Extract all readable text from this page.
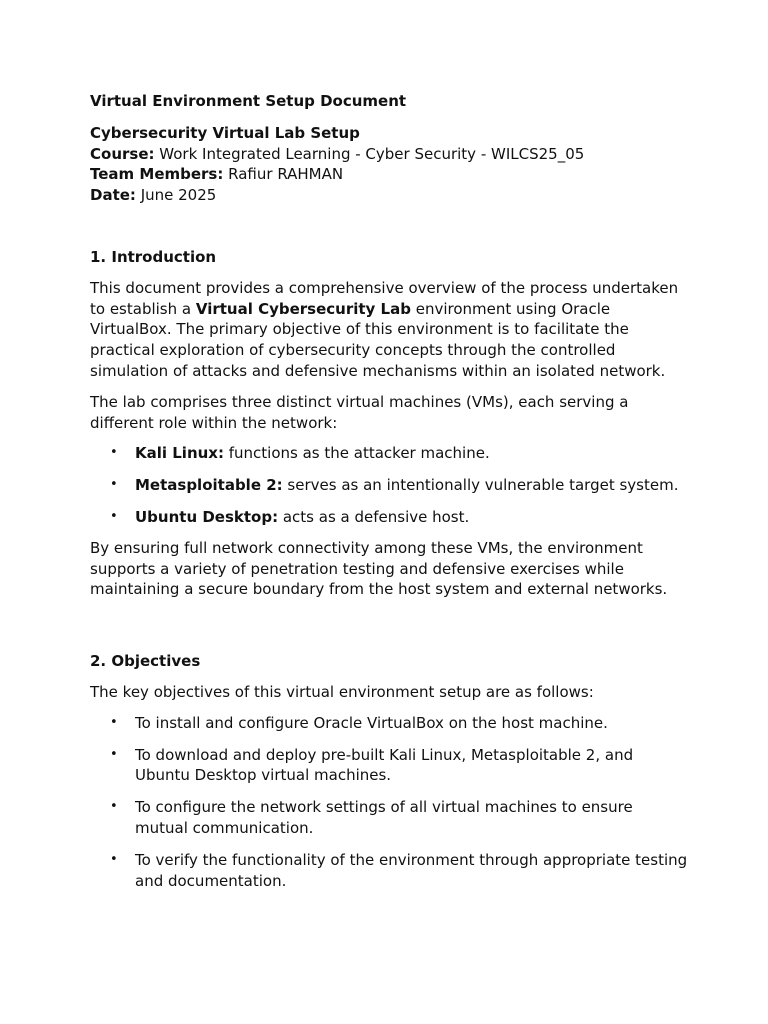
Virtual Environment Setup Document
Cybersecurity Virtual Lab Setup
Course: Work Integrated Learning - Cyber Security - WILCS25_05
Team Members: Rafiur RAHMAN
Date: June 2025
1. Introduction

This document provides a comprehensive overview of the process undertaken to establish a Virtual Cybersecurity Lab environment using Oracle VirtualBox. The primary objective of this environment is to facilitate the practical exploration of cybersecurity concepts through the controlled simulation of attacks and defensive mechanisms within an isolated network.

The lab comprises three distinct virtual machines (VMs), each serving a different role within the network:

• Kali Linux: functions as the attacker machine.
• Metasploitable 2: serves as an intentionally vulnerable target system.
• Ubuntu Desktop: acts as a defensive host.

By ensuring full network connectivity among these VMs, the environment supports a variety of penetration testing and defensive exercises while maintaining a secure boundary from the host system and external networks.

2. Objectives

The key objectives of this virtual environment setup are as follows:

• To install and configure Oracle VirtualBox on the host machine.
• To download and deploy pre-built Kali Linux, Metasploitable 2, and Ubuntu Desktop virtual machines.
• To configure the network settings of all virtual machines to ensure mutual communication.
• To verify the functionality of the environment through appropriate testing and documentation.
